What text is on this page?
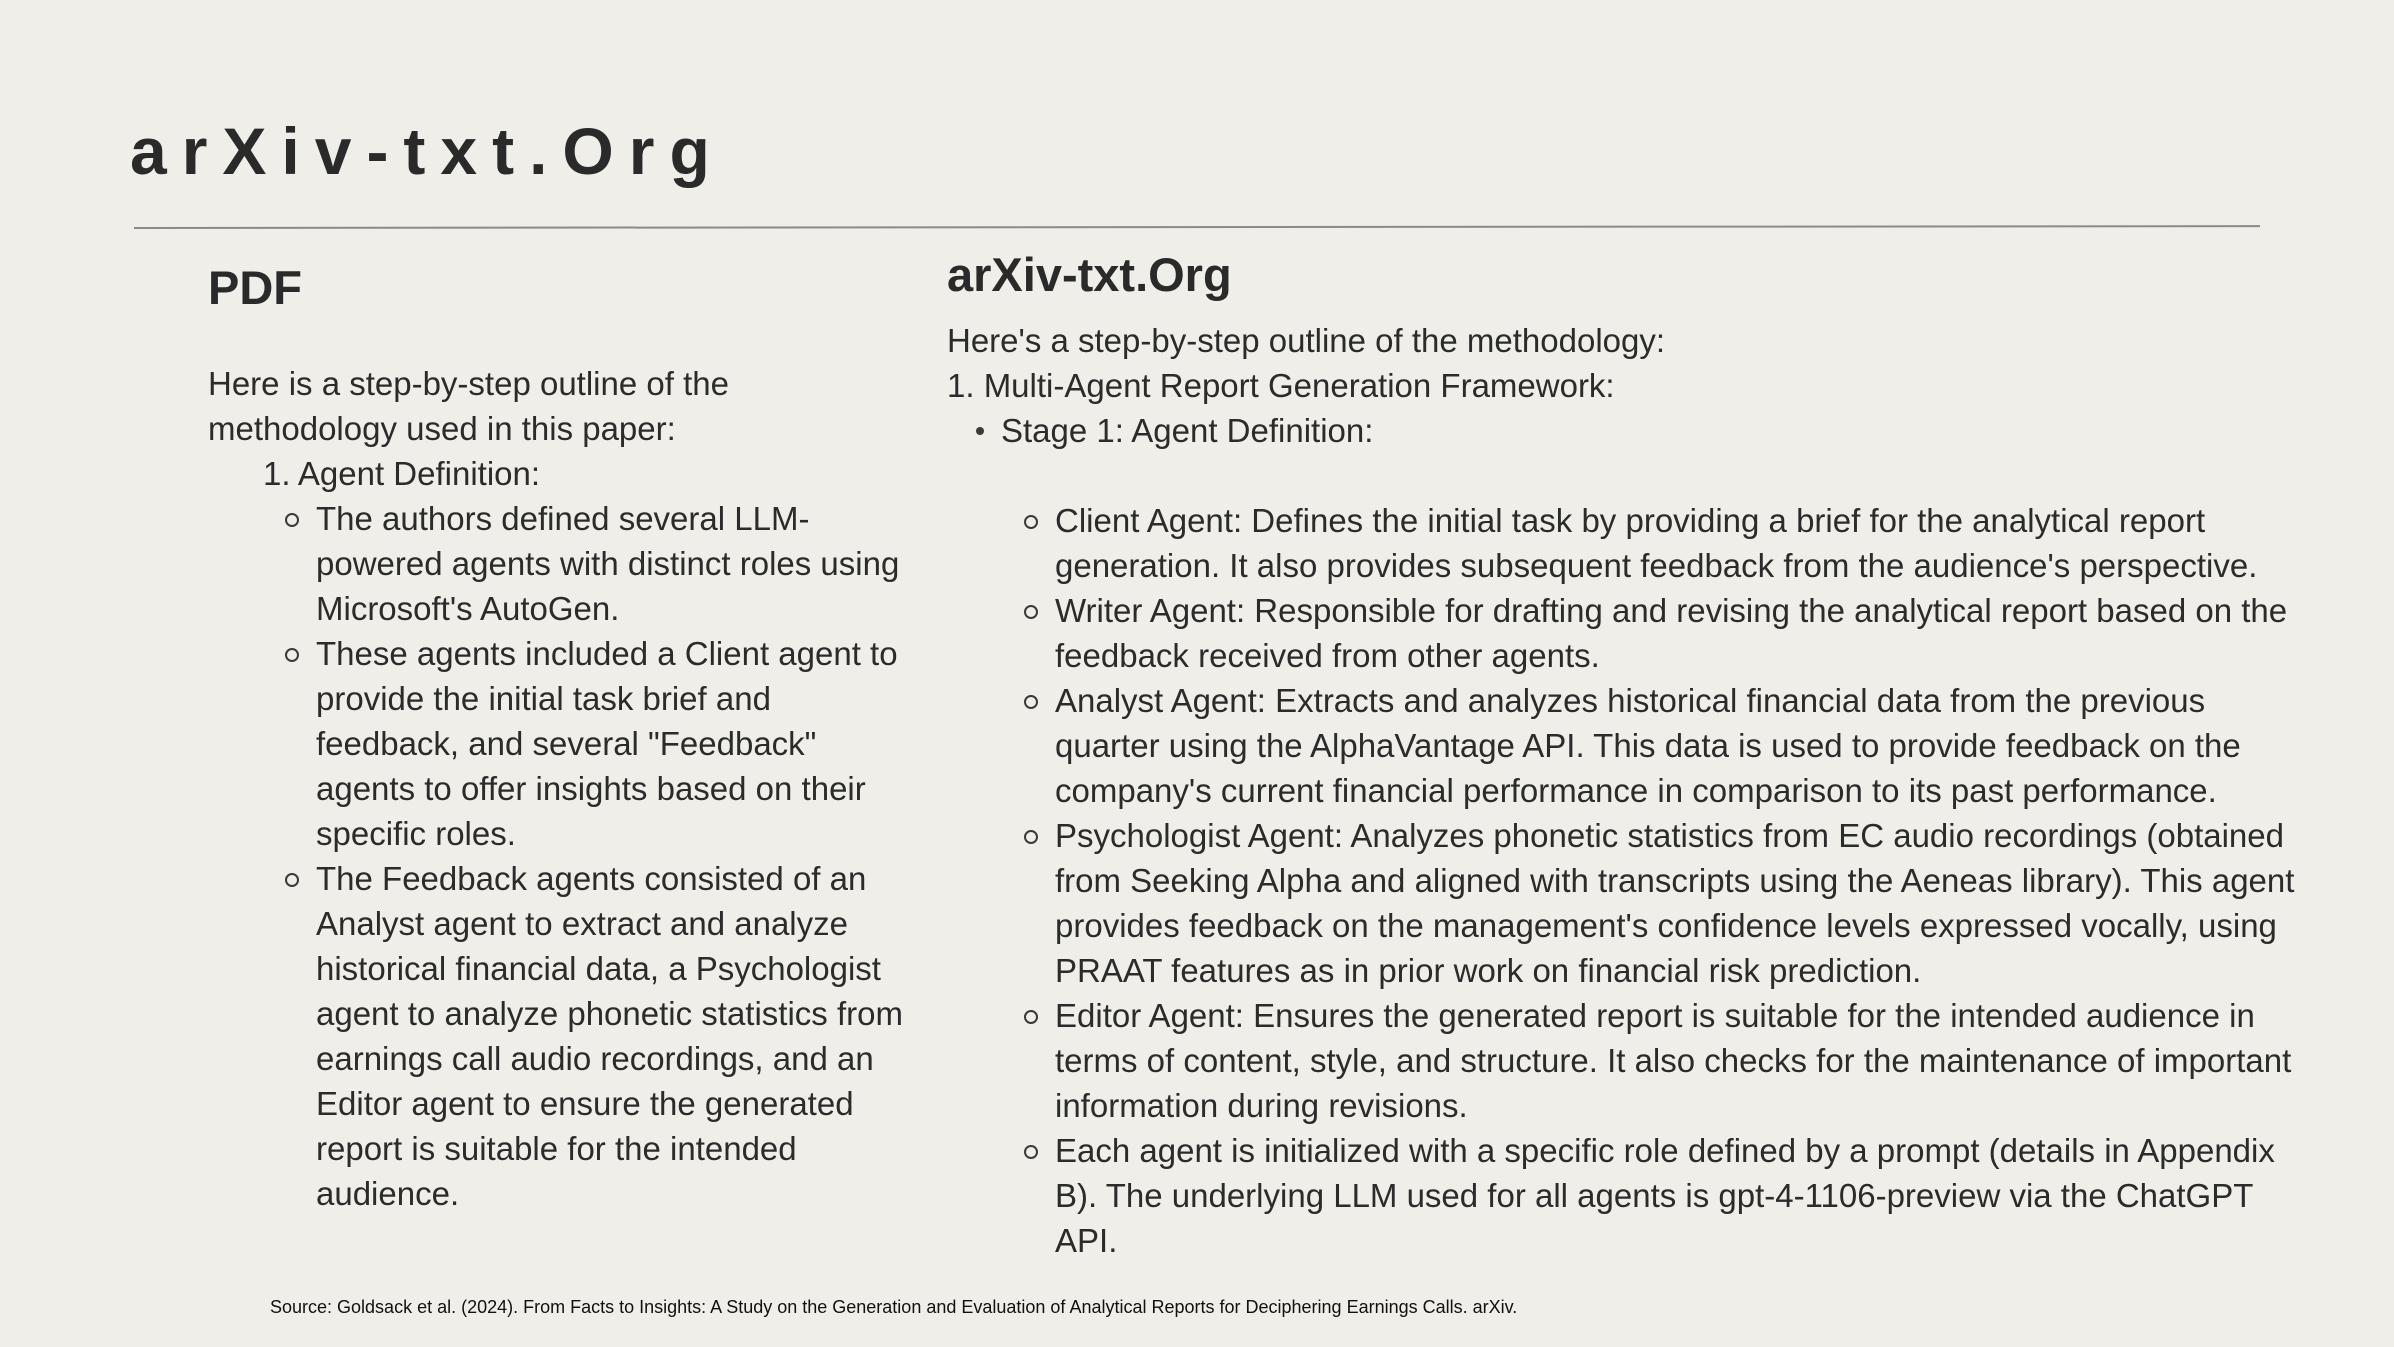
arXiv-txt.Org
PDF

Here is a step-by-step outline of the methodology used in this paper:

1. Agent Definition:
The authors defined several LLM-powered agents with distinct roles using Microsoft's AutoGen.
These agents included a Client agent to provide the initial task brief and feedback, and several "Feedback" agents to offer insights based on their specific roles.
The Feedback agents consisted of an Analyst agent to extract and analyze historical financial data, a Psychologist agent to analyze phonetic statistics from earnings call audio recordings, and an Editor agent to ensure the generated report is suitable for the intended audience.
arXiv-txt.Org

Here's a step-by-step outline of the methodology:

1. Multi-Agent Report Generation Framework:

Stage 1: Agent Definition:
Client Agent: Defines the initial task by providing a brief for the analytical report generation. It also provides subsequent feedback from the audience's perspective.
Writer Agent: Responsible for drafting and revising the analytical report based on the feedback received from other agents.
Analyst Agent: Extracts and analyzes historical financial data from the previous quarter using the AlphaVantage API. This data is used to provide feedback on the company's current financial performance in comparison to its past performance.
Psychologist Agent: Analyzes phonetic statistics from EC audio recordings (obtained from Seeking Alpha and aligned with transcripts using the Aeneas library). This agent provides feedback on the management's confidence levels expressed vocally, using PRAAT features as in prior work on financial risk prediction.
Editor Agent: Ensures the generated report is suitable for the intended audience in terms of content, style, and structure. It also checks for the maintenance of important information during revisions.
Each agent is initialized with a specific role defined by a prompt (details in Appendix B). The underlying LLM used for all agents is gpt-4-1106-preview via the ChatGPT API.
Source: Goldsack et al. (2024). From Facts to Insights: A Study on the Generation and Evaluation of Analytical Reports for Deciphering Earnings Calls. arXiv.
